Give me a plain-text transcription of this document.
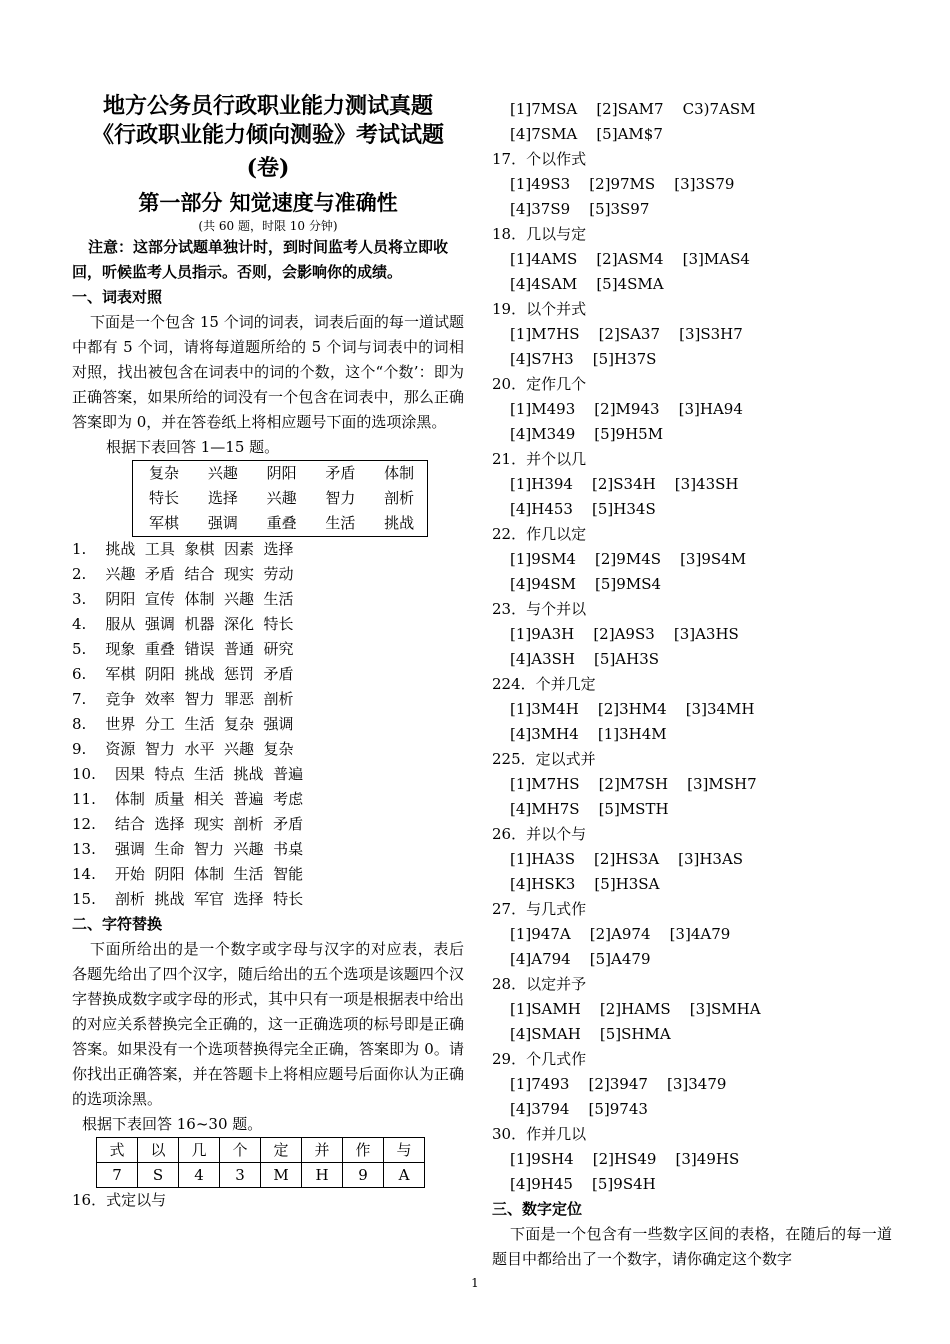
地方公务员行政职业能力测试真题
《行政职业能力倾向测验》考试试题
(卷)
第一部分 知觉速度与准确性
(共 60 题，时限 10 分钟)
注意：这部分试题单独计时，到时间监考人员将立即收回，听候监考人员指示。否则，会影响你的成绩。
一、词表对照
下面是一个包含 15 个词的词表，词表后面的每一道试题中都有 5 个词，请将每道题所给的 5 个词与词表中的词相对照，找出被包含在词表中的词的个数，这个“个数’：即为正确答案，如果所给的词没有一个包含在词表中，那么正确答案即为 0，并在答卷纸上将相应题号下面的选项涂黑。
根据下表回答 1—15 题。
复杂	兴趣	阴阳	矛盾	体制
特长	选择	兴趣	智力	剖析
军棋	强调	重叠	生活	挑战
1.    挑战  工具  象棋  因素  选择
2.    兴趣  矛盾  结合  现实  劳动
3.    阴阳  宣传  体制  兴趣  生活
4.    服从  强调  机器  深化  特长
5.    现象  重叠  错误  普通  研究
6.    军棋  阴阳  挑战  惩罚  矛盾
7.    竞争  效率  智力  罪恶  剖析
8.    世界  分工  生活  复杂  强调
9.    资源  智力  水平  兴趣  复杂
10.    因果  特点  生活  挑战  普遍
11.    体制  质量  相关  普遍  考虑
12.    结合  选择  现实  剖析  矛盾
13.    强调  生命  智力  兴趣  书桌
14.    开始  阴阳  体制  生活  智能
15.    剖析  挑战  军官  选择  特长
二、字符替换
下面所给出的是一个数字或字母与汉字的对应表，表后各题先给出了四个汉字，随后给出的五个选项是该题四个汉字替换成数字或字母的形式，其中只有一项是根据表中给出的对应关系替换完全正确的，这一正确选项的标号即是正确答案。如果没有一个选项替换得完全正确，答案即为 0。请你找出正确答案，并在答题卡上将相应题号后面你认为正确的选项涂黑。
根据下表回答 16~30 题。
式	以	几	个	定	并	作	与
7	S	4	3	M	H	9	A
16．式定以与
[1]7MSA    [2]SAM7    C3)7ASM
[4]7SMA    [5]AM$7
17．个以作式
[1]49S3    [2]97MS    [3]3S79
[4]37S9    [5]3S97
18．几以与定
[1]4AMS    [2]ASM4    [3]MAS4
[4]4SAM    [5]4SMA
19．以个并式
[1]M7HS    [2]SA37    [3]S3H7
[4]S7H3    [5]H37S
20．定作几个
[1]M493    [2]M943    [3]HA94
[4]M349    [5]9H5M
21．并个以几
[1]H394    [2]S34H    [3]43SH
[4]H453    [5]H34S
22．作几以定
[1]9SM4    [2]9M4S    [3]9S4M
[4]94SM    [5]9MS4
23．与个并以
[1]9A3H    [2]A9S3    [3]A3HS
[4]A3SH    [5]AH3S
224．个并几定
[1]3M4H    [2]3HM4    [3]34MH
[4]3MH4    [1]3H4M
225．定以式并
[1]M7HS    [2]M7SH    [3]MSH7
[4]MH7S    [5]MSTH
26．并以个与
[1]HA3S    [2]HS3A    [3]H3AS
[4]HSK3    [5]H3SA
27．与几式作
[1]947A    [2]A974    [3]4A79
[4]A794    [5]A479
28．以定并予
[1]SAMH    [2]HAMS    [3]SMHA
[4]SMAH    [5]SHMA
29．个几式作
[1]7493    [2]3947    [3]3479
[4]3794    [5]9743
30．作并几以
[1]9SH4    [2]HS49    [3]49HS
[4]9H45    [5]9S4H
三、数字定位
下面是一个包含有一些数字区间的表格，在随后的每一道题目中都给出了一个数字，请你确定这个数字
1
